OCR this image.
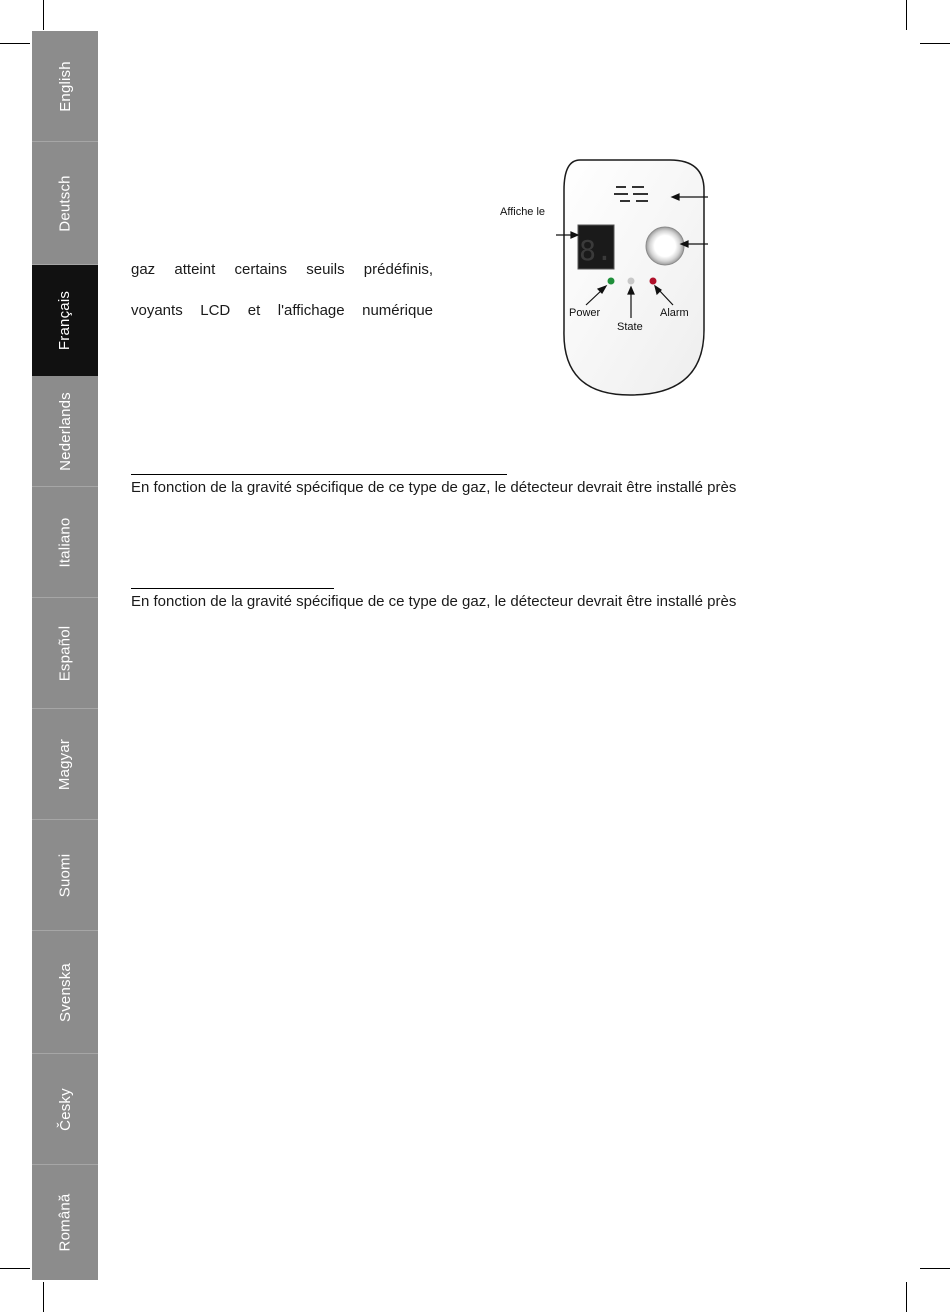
English
Deutsch
Français
Nederlands
Italiano
Español
Magyar
Suomi
Svenska
Česky
Română
gaz atteint certains seuils prédéfinis,
voyants LCD et l'affichage numérique
En fonction de la gravité spécifique de ce type de gaz, le détecteur devrait être installé près
En fonction de la gravité spécifique de ce type de gaz, le détecteur devrait être installé près
8.
Affiche le
Power
State
Alarm
